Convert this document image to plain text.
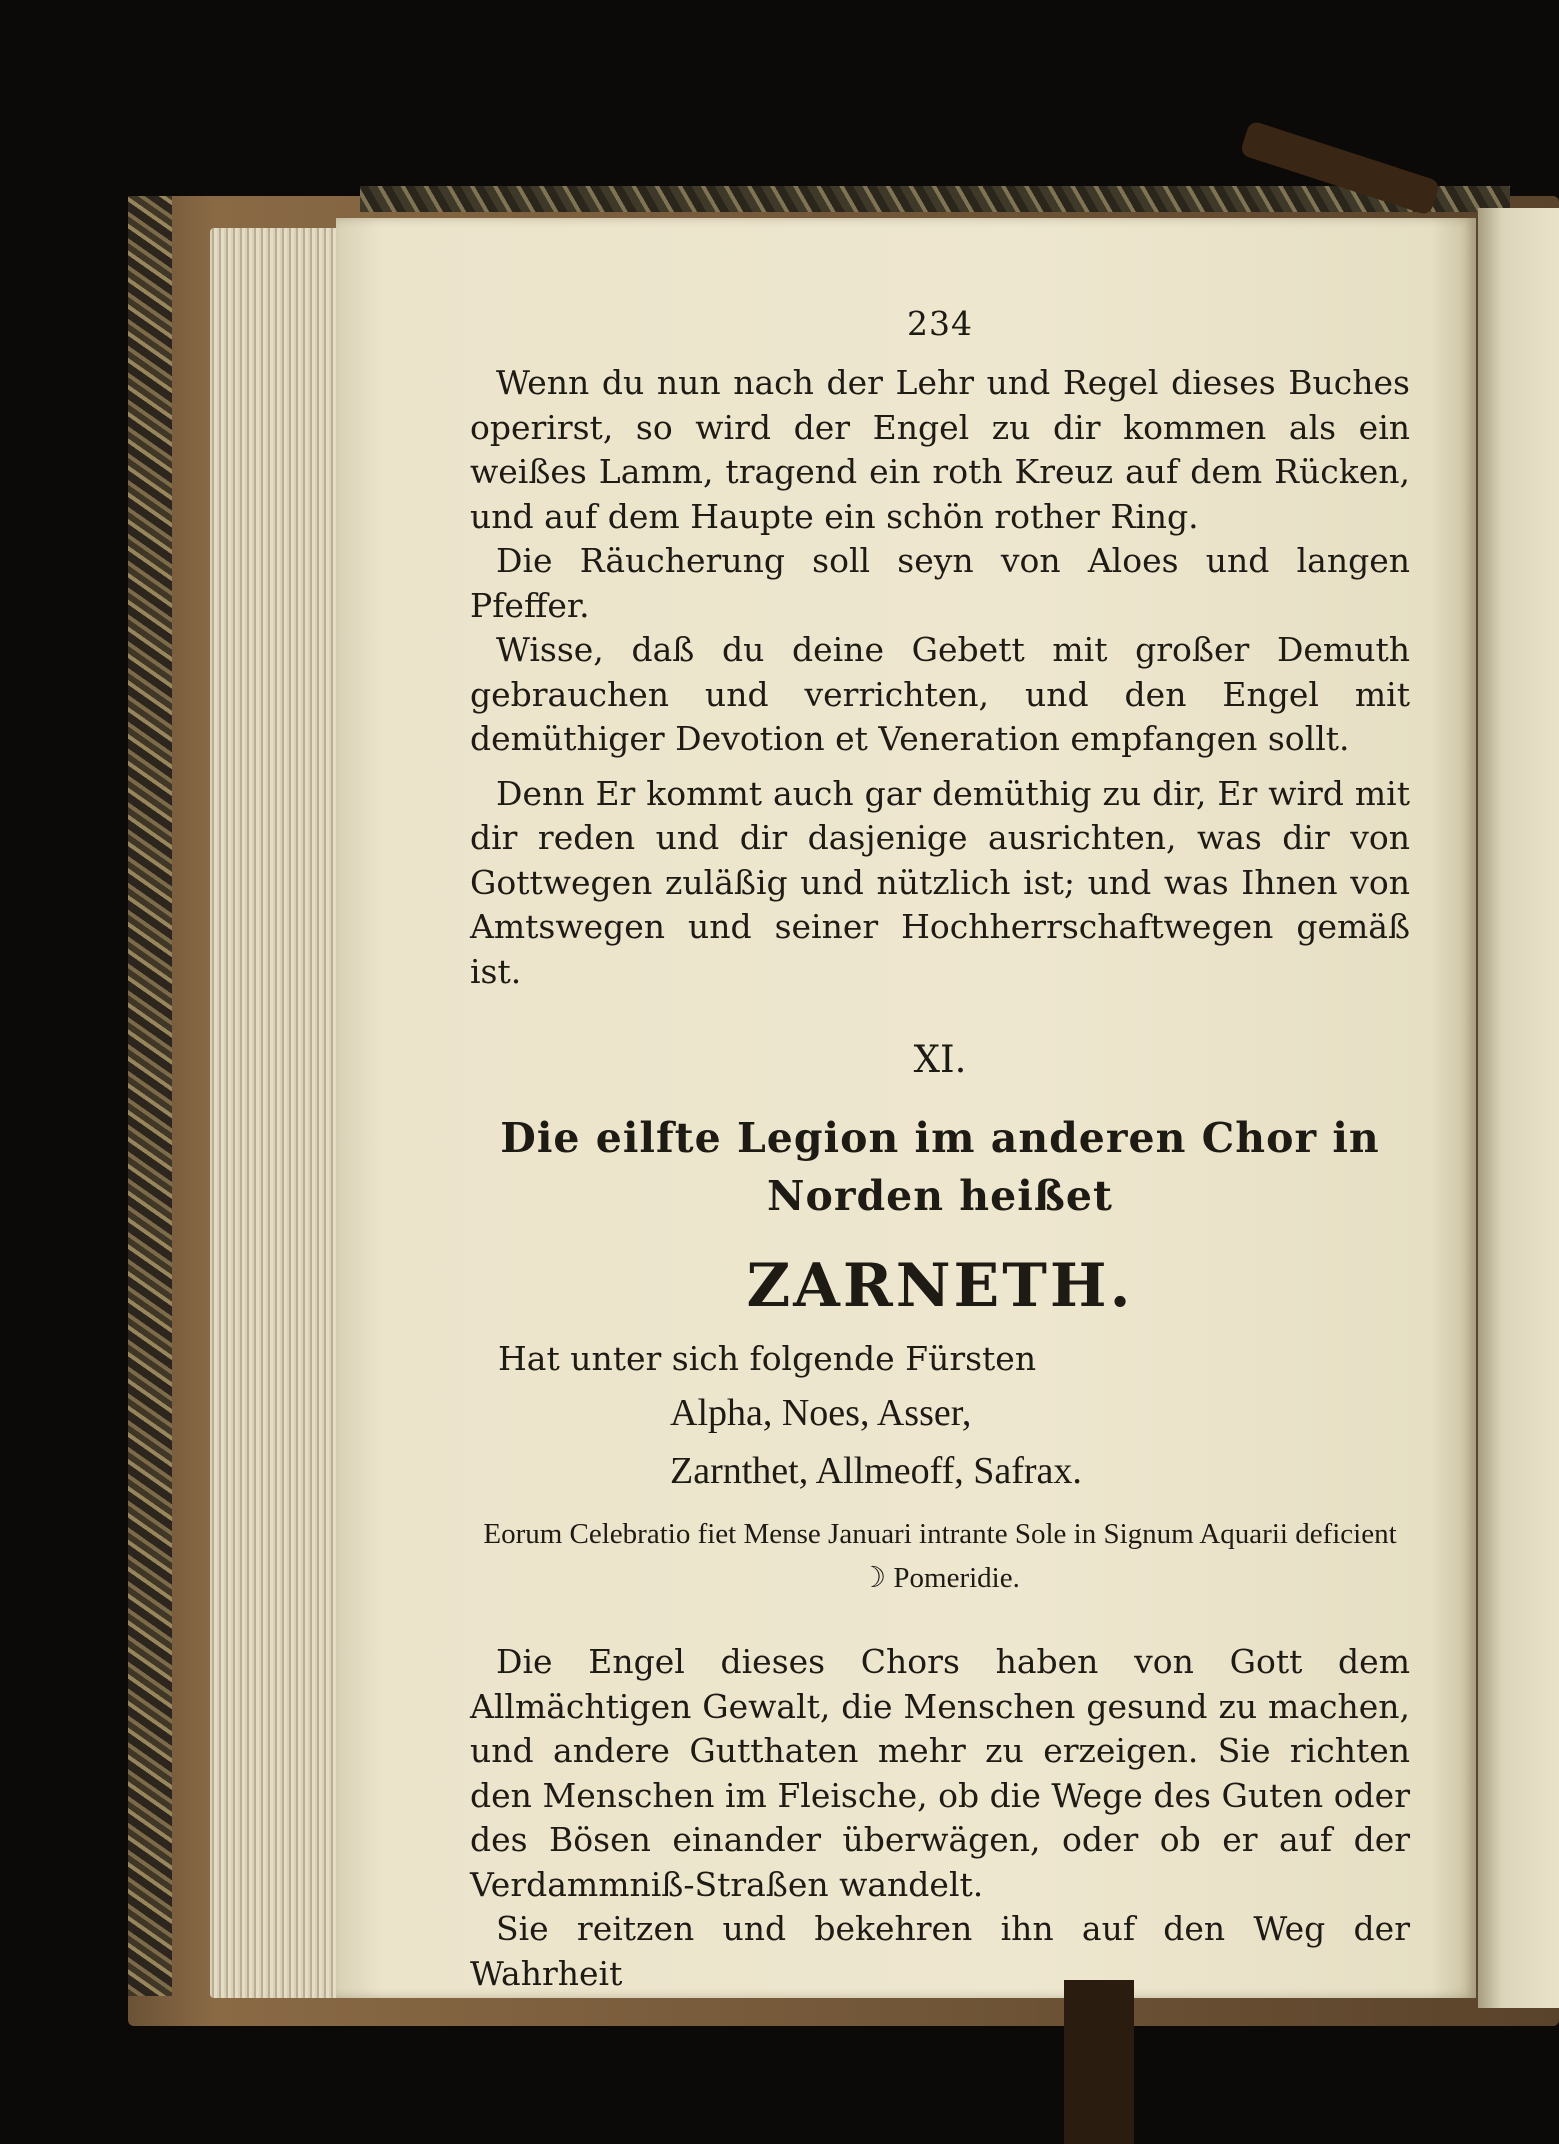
234

Wenn du nun nach der Lehr und Regel dieses Buches operirst, so wird der Engel zu dir kommen als ein weißes Lamm, tragend ein roth Kreuz auf dem Rücken, und auf dem Haupte ein schön rother Ring.

Die Räucherung soll seyn von Aloes und langen Pfeffer.

Wisse, daß du deine Gebett mit großer Demuth gebrauchen und verrichten, und den Engel mit demüthiger Devotion et Veneration empfangen sollt.

Denn Er kommt auch gar demüthig zu dir, Er wird mit dir reden und dir dasjenige ausrichten, was dir von Gottwegen zuläßig und nützlich ist; und was Ihnen von Amtswegen und seiner Hochherrschaftwegen gemäß ist.

XI.

Die eilfte Legion im anderen Chor in Norden heißet

ZARNETH.
Hat unter sich folgende Fürsten
Alpha, Noes, Asser,
Zarnthet, Allmeoff, Safrax.
Eorum Celebratio fiet Mense Januari intrante Sole in Signum Aquarii deficient ☽ Pomeridie.

Die Engel dieses Chors haben von Gott dem Allmächtigen Gewalt, die Menschen gesund zu machen, und andere Gutthaten mehr zu erzeigen. Sie richten den Menschen im Fleische, ob die Wege des Guten oder des Bösen einander überwägen, oder ob er auf der Verdammniß-Straßen wandelt.

Sie reitzen und bekehren ihn auf den Weg der Wahrheit
